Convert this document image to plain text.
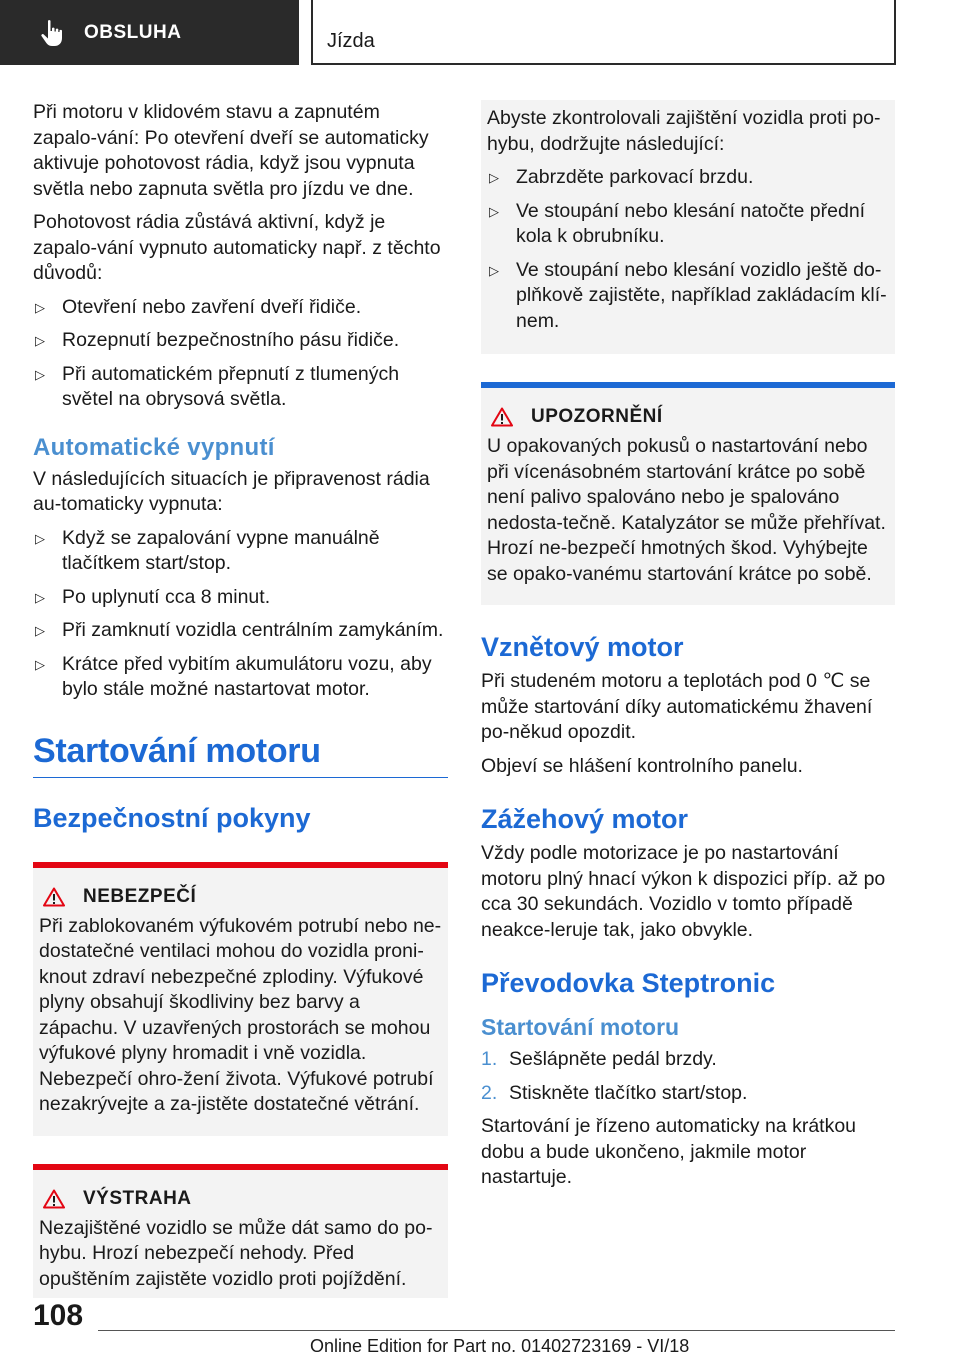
OBSLUHA	Jízda

Při motoru v klidovém stavu a zapnutém zapalo-vání: Po otevření dveří se automaticky aktivuje pohotovost rádia, když jsou vypnuta světla nebo zapnuta světla pro jízdu ve dne.

Pohotovost rádia zůstává aktivní, když je zapalo-vání vypnuto automaticky např. z těchto důvodů:

▷ Otevření nebo zavření dveří řidiče.
▷ Rozepnutí bezpečnostního pásu řidiče.
▷ Při automatickém přepnutí z tlumených světel na obrysová světla.
Automatické vypnutí

V následujících situacích je připravenost rádia au-tomaticky vypnuta:

▷ Když se zapalování vypne manuálně tlačítkem start/stop.
▷ Po uplynutí cca 8 minut.
▷ Při zamknutí vozidla centrálním zamykáním.
▷ Krátce před vybitím akumulátoru vozu, aby bylo stále možné nastartovat motor.
Startování motoru
Bezpečnostní pokyny
NEBEZPEČÍ

Při zablokovaném výfukovém potrubí nebo ne-dostatečné ventilaci mohou do vozidla proni-knout zdraví nebezpečné zplodiny. Výfukové plyny obsahují škodliviny bez barvy a zápachu. V uzavřených prostorách se mohou výfukové plyny hromadit i vně vozidla. Nebezpečí ohro-žení života. Výfukové potrubí nezakrývejte a za-jistěte dostatečné větrání.

VÝSTRAHA

Nezajištěné vozidlo se může dát samo do po-hybu. Hrozí nebezpečí nehody. Před opuštěním zajistěte vozidlo proti pojíždění.

Abyste zkontrolovali zajištění vozidla proti po-hybu, dodržujte následující:

▷ Zabrzděte parkovací brzdu.
▷ Ve stoupání nebo klesání natočte přední kola k obrubníku.
▷ Ve stoupání nebo klesání vozidlo ještě do-plňkově zajistěte, například zakládacím klí-nem.
UPOZORNĚNÍ

U opakovaných pokusů o nastartování nebo při vícenásobném startování krátce po sobě není palivo spalováno nebo je spalováno nedosta-tečně. Katalyzátor se může přehřívat. Hrozí ne-bezpečí hmotných škod. Vyhýbejte se opako-vanému startování krátce po sobě.

Vznětový motor

Při studeném motoru a teplotách pod 0 ℃ se může startování díky automatickému žhavení po-někud opozdit.

Objeví se hlášení kontrolního panelu.

Zážehový motor

Vždy podle motorizace je po nastartování motoru plný hnací výkon k dispozici příp. až po cca 30 sekundách. Vozidlo v tomto případě neakce-leruje tak, jako obvykle.

Převodovka Steptronic
Startování motoru
1. Sešlápněte pedál brzdy.
2. Stiskněte tlačítko start/stop.

Startování je řízeno automaticky na krátkou dobu a bude ukončeno, jakmile motor nastartuje.

108
Online Edition for Part no. 01402723169 - VI/18
